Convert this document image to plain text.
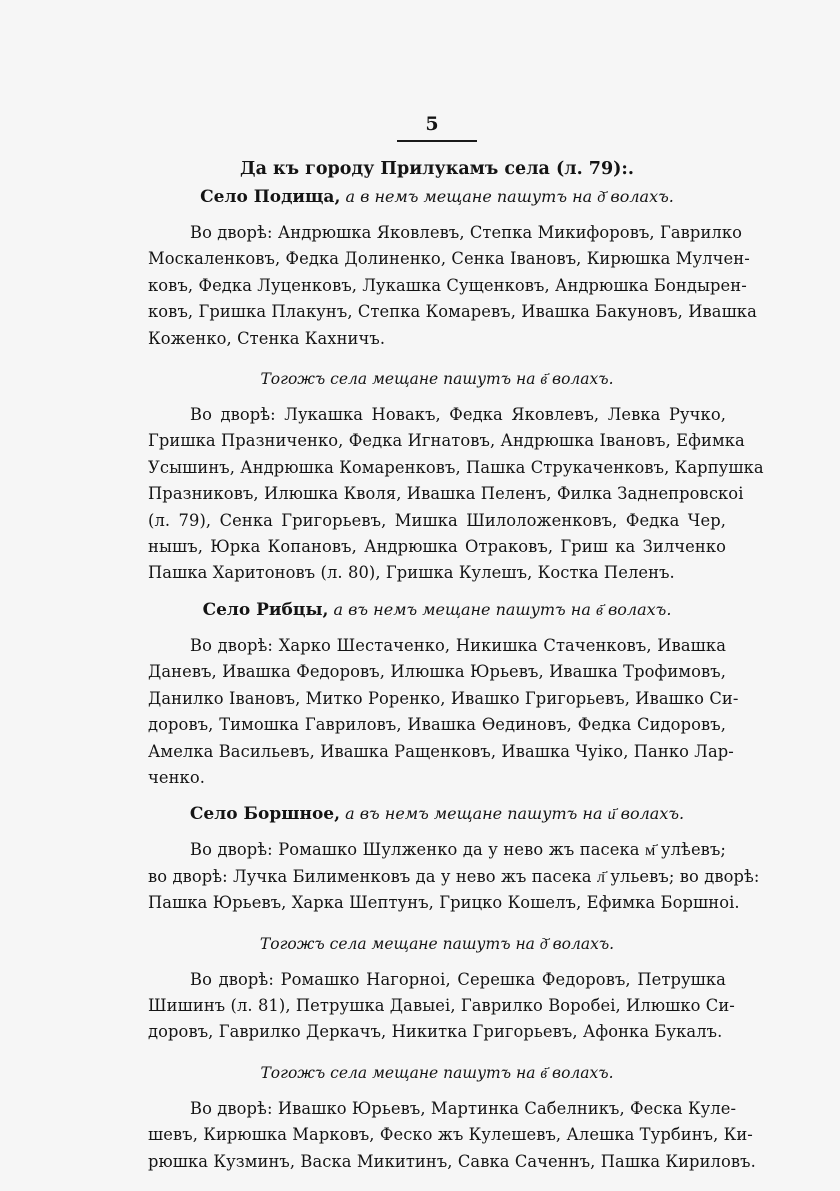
5
Да къ городу Прилукамъ села (л. 79):.
Село Подища, а в немъ мещане пашутъ на д҃ волахъ.
Во дворѣ: Андрюшка Яковлевъ, Степка Микифоровъ, Гаврилко
Москаленковъ, Федка Долиненко, Сенка Івановъ, Кирюшка Мулчен-
ковъ, Федка Луценковъ, Лукашка Сущенковъ, Андрюшка Бондырен-
ковъ, Гришка Плакунъ, Степка Комаревъ, Ивашка Бакуновъ, Ивашка
Коженко, Стенка Кахничъ.
Тогожъ села мещане пашутъ на в҃ волахъ.
Во дворѣ: Лукашка Новакъ, Федка Яковлевъ, Левка Ручко,
Гришка Празниченко, Федка Игнатовъ, Андрюшка Івановъ, Ефимка
Усышинъ, Андрюшка Комаренковъ, Пашка Струкаченковъ, Карпушка
Празниковъ, Илюшка Кволя, Ивашка Пеленъ, Филка Заднепровскоі
(л. 79), Сенка Григорьевъ, Мишка Шилоложенковъ, Федка Чер,
нышъ, Юрка Копановъ, Андрюшка Отраковъ, Гриш ка Зилченко
Пашка Харитоновъ (л. 80), Гришка Кулешъ, Костка Пеленъ.
Село Рибцы, а въ немъ мещане пашутъ на в҃ волахъ.
Во дворѣ: Харко Шестаченко, Никишка Стаченковъ, Ивашка
Даневъ, Ивашка Федоровъ, Илюшка Юрьевъ, Ивашка Трофимовъ,
Данилко Івановъ, Митко Роренко, Ивашко Григорьевъ, Ивашко Си-
доровъ, Тимошка Гавриловъ, Ивашка Ѳединовъ, Федка Сидоровъ,
Амелка Васильевъ, Ивашка Ращенковъ, Ивашка Чуіко, Панко Лар-
ченко.
Село Боршное, а въ немъ мещане пашутъ на и҃ волахъ.
Во дворѣ: Ромашко Шулженко да у нево жъ пасека м҃ улѣевъ;
во дворѣ: Лучка Билименковъ да у нево жъ пасека л҃ ульевъ; во дворѣ:
Пашка Юрьевъ, Харка Шептунъ, Грицко Кошелъ, Ефимка Боршноі.
Тогожъ села мещане пашутъ на д҃ волахъ.
Во дворѣ: Ромашко Нагорноі, Серешка Федоровъ, Петрушка
Шишинъ (л. 81), Петрушка Давыеі, Гаврилко Воробеі, Илюшко Си-
доровъ, Гаврилко Деркачъ, Никитка Григорьевъ, Афонка Букалъ.
Тогожъ села мещане пашутъ на в҃ волахъ.
Во дворѣ: Ивашко Юрьевъ, Мартинка Сабелникъ, Феска Куле-
шевъ, Кирюшка Марковъ, Феско жъ Кулешевъ, Алешка Турбинъ, Ки-
рюшка Кузминъ, Васка Микитинъ, Савка Саченнъ, Пашка Кириловъ.
